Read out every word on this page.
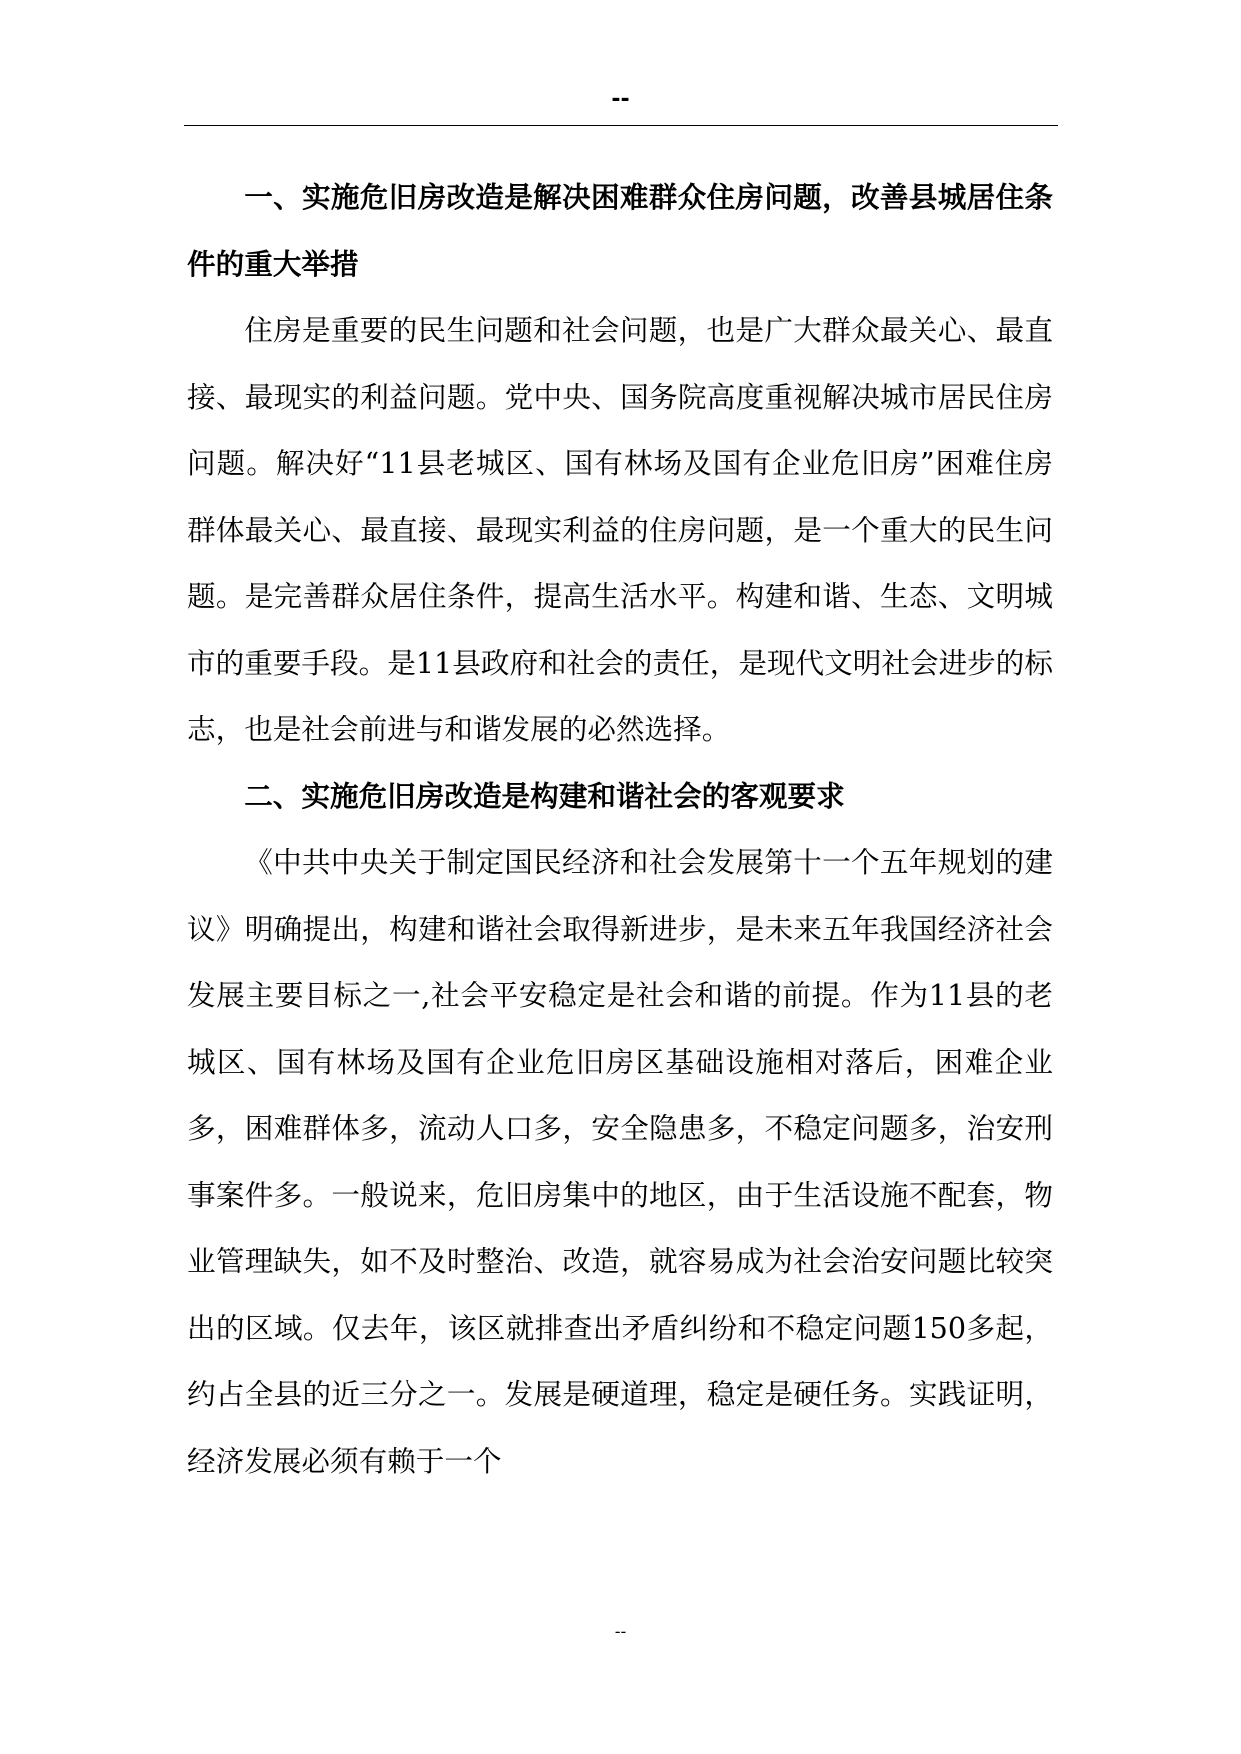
--

一、实施危旧房改造是解决困难群众住房问题，改善县城居住条件的重大举措

住房是重要的民生问题和社会问题，也是广大群众最关心、最直接、最现实的利益问题。党中央、国务院高度重视解决城市居民住房问题。解决好“11县老城区、国有林场及国有企业危旧房”困难住房群体最关心、最直接、最现实利益的住房问题，是一个重大的民生问题。是完善群众居住条件，提高生活水平。构建和谐、生态、文明城市的重要手段。是11县政府和社会的责任，是现代文明社会进步的标志，也是社会前进与和谐发展的必然选择。

二、实施危旧房改造是构建和谐社会的客观要求

《中共中央关于制定国民经济和社会发展第十一个五年规划的建议》明确提出，构建和谐社会取得新进步，是未来五年我国经济社会发展主要目标之一,社会平安稳定是社会和谐的前提。作为11县的老城区、国有林场及国有企业危旧房区基础设施相对落后，困难企业多，困难群体多，流动人口多，安全隐患多，不稳定问题多，治安刑事案件多。一般说来，危旧房集中的地区，由于生活设施不配套，物业管理缺失，如不及时整治、改造，就容易成为社会治安问题比较突出的区域。仅去年，该区就排查出矛盾纠纷和不稳定问题150多起，约占全县的近三分之一。发展是硬道理，稳定是硬任务。实践证明，经济发展必须有赖于一个

--
